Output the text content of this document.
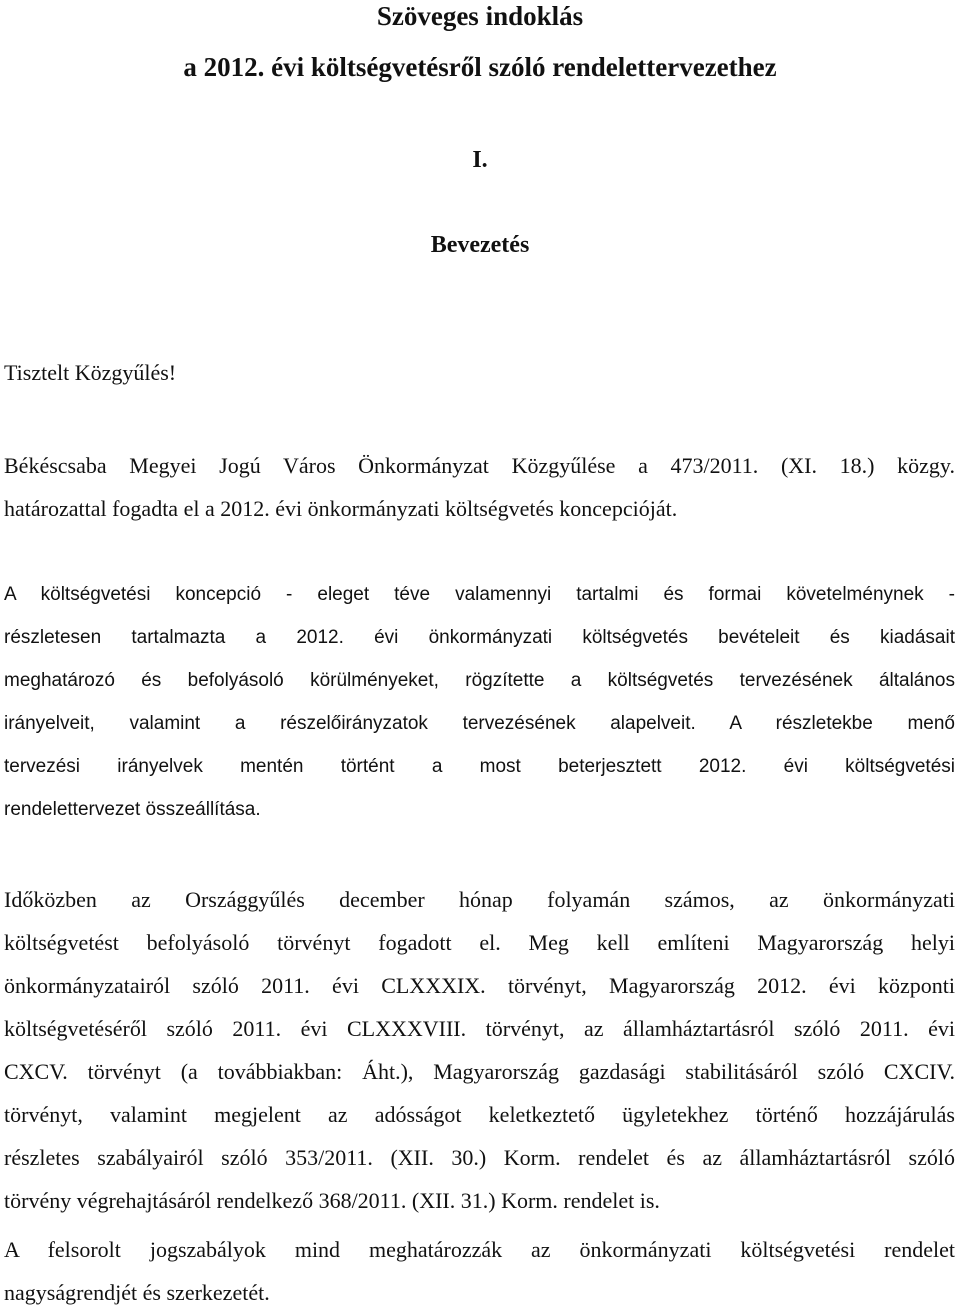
Szöveges indoklás
a 2012. évi költségvetésről szóló rendelettervezethez
I.
Bevezetés
Tisztelt Közgyűlés!
Békéscsaba Megyei Jogú Város Önkormányzat Közgyűlése a 473/2011. (XI. 18.) közgy.
határozattal fogadta el a 2012. évi önkormányzati költségvetés koncepcióját.
A költségvetési koncepció - eleget téve valamennyi tartalmi és formai követelménynek -
részletesen tartalmazta a 2012. évi önkormányzati költségvetés bevételeit és kiadásait
meghatározó és befolyásoló körülményeket, rögzítette a költségvetés tervezésének általános
irányelveit, valamint a részelőirányzatok tervezésének alapelveit. A részletekbe menő
tervezési irányelvek mentén történt a most beterjesztett 2012. évi költségvetési
rendelettervezet összeállítása.
Időközben az Országgyűlés december hónap folyamán számos, az önkormányzati
költségvetést befolyásoló törvényt fogadott el. Meg kell említeni Magyarország helyi
önkormányzatairól szóló 2011. évi CLXXXIX. törvényt, Magyarország 2012. évi központi
költségvetéséről szóló 2011. évi CLXXXVIII. törvényt, az államháztartásról szóló 2011. évi
CXCV. törvényt (a továbbiakban: Áht.), Magyarország gazdasági stabilitásáról szóló CXCIV.
törvényt, valamint megjelent az adósságot keletkeztető ügyletekhez történő hozzájárulás
részletes szabályairól szóló 353/2011. (XII. 30.) Korm. rendelet és az államháztartásról szóló
törvény végrehajtásáról rendelkező 368/2011. (XII. 31.) Korm. rendelet is.
A felsorolt jogszabályok mind meghatározzák az önkormányzati költségvetési rendelet
nagyságrendjét és szerkezetét.
